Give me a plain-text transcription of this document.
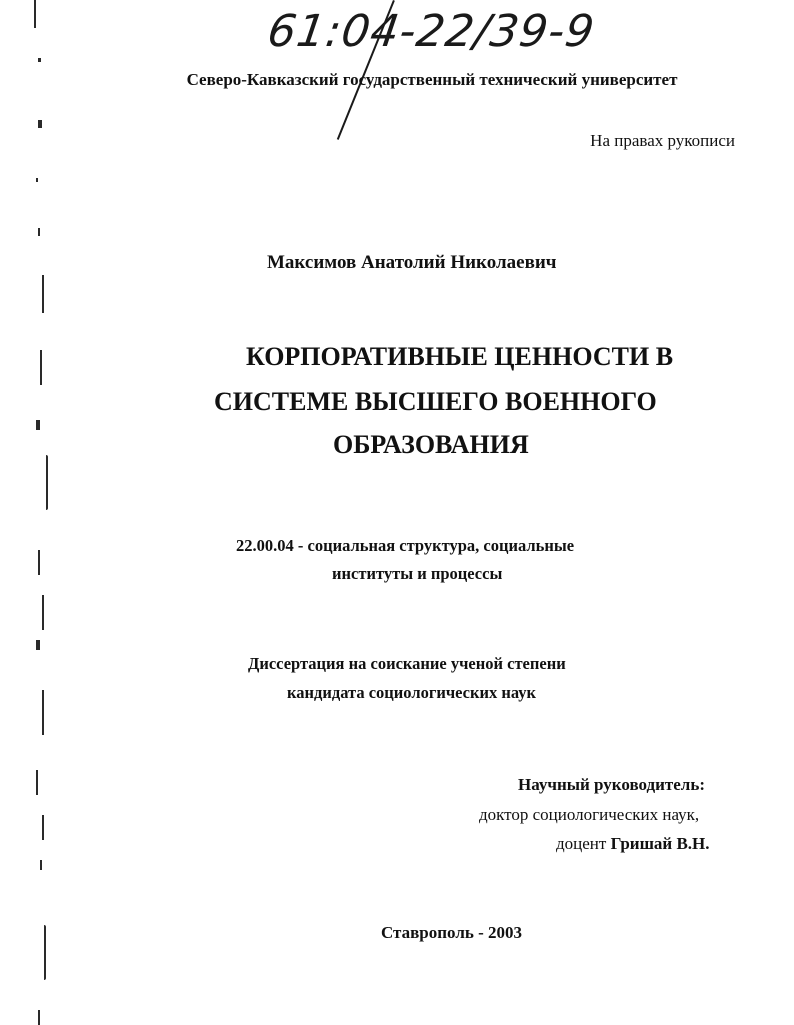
61:04-22/39-9
Северо-Кавказский государственный технический университет
На правах рукописи
Максимов Анатолий Николаевич
КОРПОРАТИВНЫЕ ЦЕННОСТИ В
СИСТЕМЕ ВЫСШЕГО ВОЕННОГО
ОБРАЗОВАНИЯ
22.00.04 - социальная структура, социальные
институты и процессы
Диссертация на соискание ученой степени
кандидата социологических наук
Научный руководитель:
доктор социологических наук,
доцент Гришай В.Н.
Ставрополь - 2003
